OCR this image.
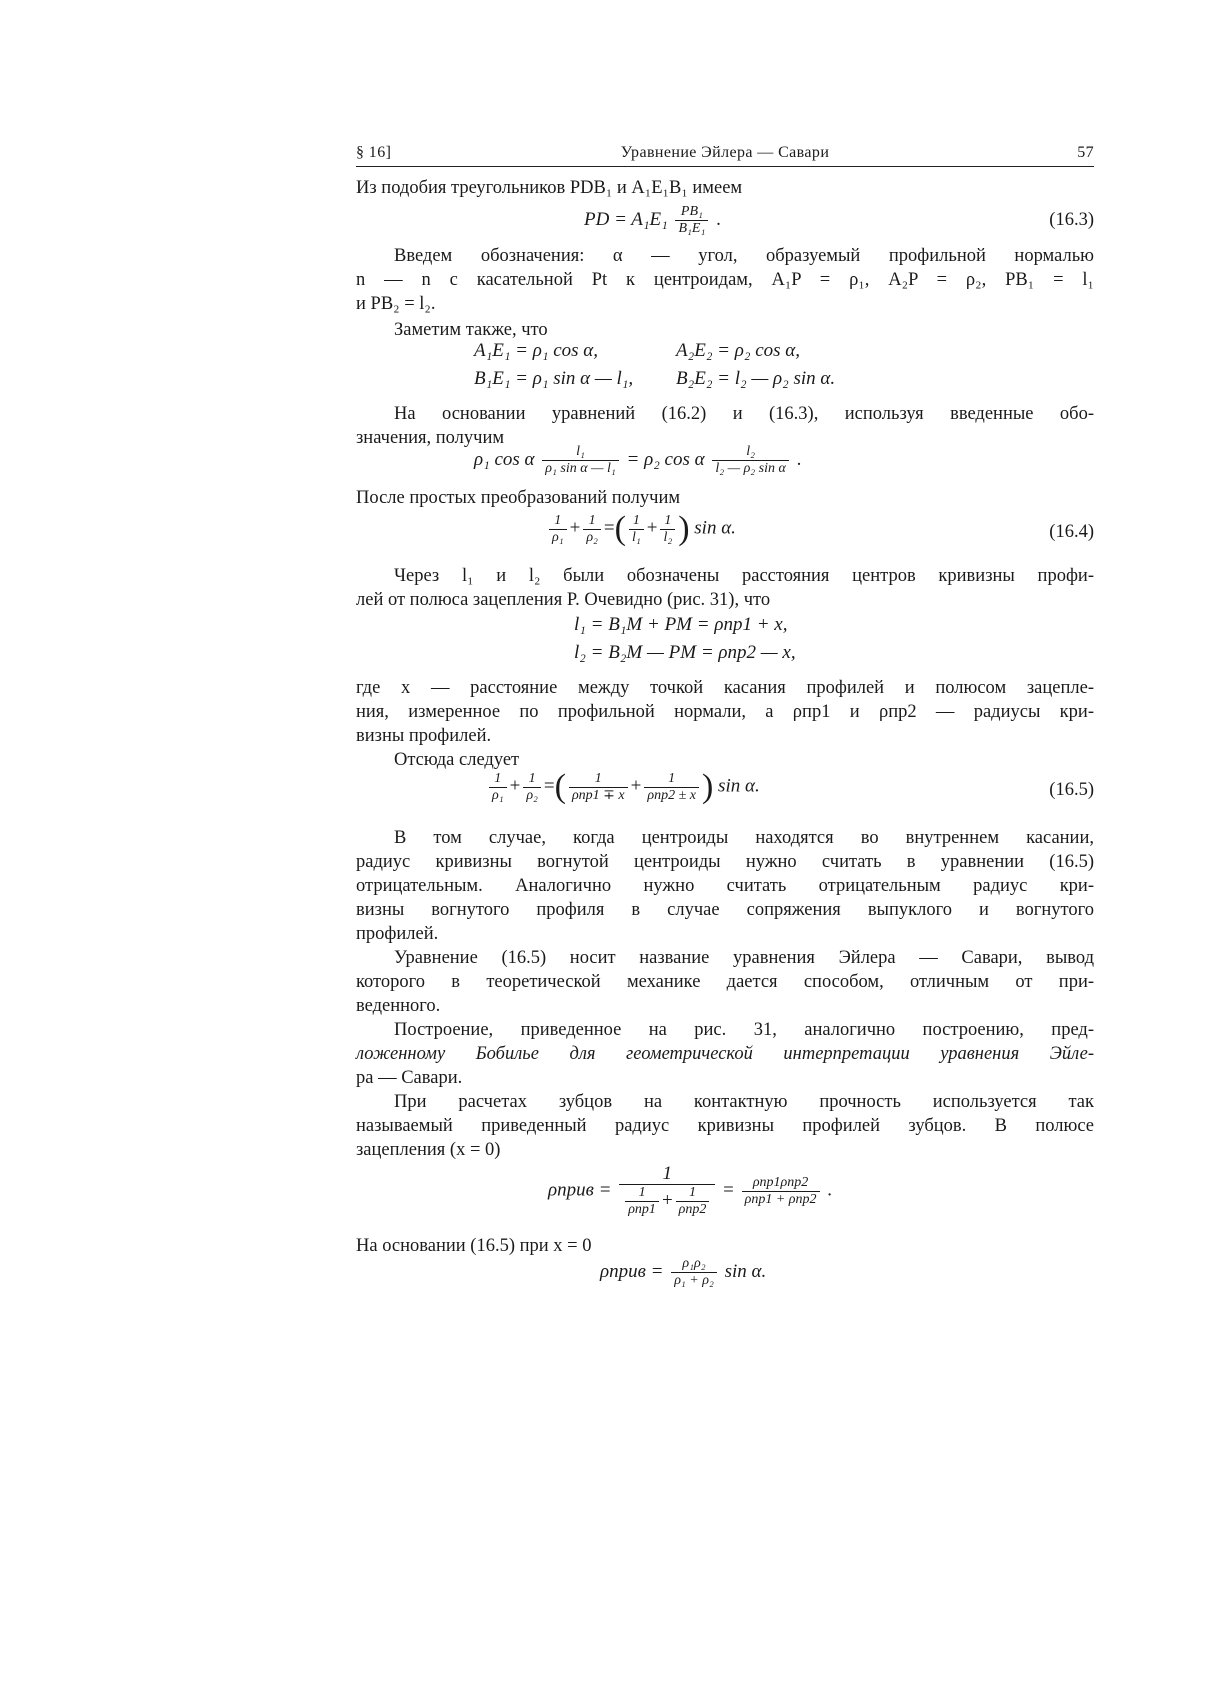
§ 16]	Уравнение Эйлера — Савари	57
Из подобия треугольников PDB₁ и A₁E₁B₁ имеем
PD = $A_1E_1 \frac{\text{PB₁}}{\text{B₁E₁}}$ .	(16.3)
Введем обозначения: α — угол, образуемый профильной нормалью
n — n с касательной Pt к центроидам, A₁P = ρ₁, A₂P = ρ₂, PB₁ = l₁
и PB₂ = l₂.
Заметим также, что
A₁E₁ = ρ₁ cos α,	A₂E₂ = ρ₂ cos α,
B₁E₁ = ρ₁ sin α — l₁, B₂E₂ = l₂ — ρ₂ sin α.
На основании уравнений (16.2) и (16.3), используя введенные обо-
значения, получим
ρ₁ cos α $\frac{\text{l₁}}{\text{ρ₁ sin α — l₁}} = \rho_2$ cos α $\frac{\text{l₂}}{\text{l₂ — ρ₂ sin α}}$ .
После простых преобразований получим
$\frac{1}{\text{ρ₁}} + \frac{1}{\text{ρ₂}}$ =( $\frac{1}{\text{l₁}} + \frac{1}{\text{l₂}}$ ) sin α.	(16.4)
Через l₁ и l₂ были обозначены расстояния центров кривизны профи-
лей от полюса зацепления P. Очевидно (рис. 31), что
l₁ = B₁M + PM = ρпр1 + x,
l₂ = B₂M — PM = ρпр2 — x,
где x — расстояние между точкой касания профилей и полюсом зацепле-
ния, измеренное по профильной нормали, а ρпр1 и ρпр2 — радиусы кри-
визны профилей.
Отсюда следует
$\frac{1}{\text{ρ₁}} + \frac{1}{\text{ρ₂}}$ =( $\frac{1}{\text{ρпр1 ∓ x}} + \frac{1}{\text{ρпр2 ± x}}$ ) sin α.	(16.5)
В том случае, когда центроиды находятся во внутреннем касании,
радиус кривизны вогнутой центроиды нужно считать в уравнении (16.5)
отрицательным. Аналогично нужно считать отрицательным радиус кри-
визны вогнутого профиля в случае сопряжения выпуклого и вогнутого
профилей.
Уравнение (16.5) носит название уравнения Эйлера — Савари, вывод
которого в теоретической механике дается способом, отличным от при-
веденного.
Построение, приведенное на рис. 31, аналогично построению, пред-
ложенному Бобилье для геометрической интерпретации уравнения Эйле-
ра — Савари.
При расчетах зубцов на контактную прочность используется так
называемый приведенный радиус кривизны профилей зубцов. В полюсе
зацепления (x = 0)
ρприв = $\frac{1}{\frac{1}{\text{ρпр1}} + \frac{1}{\text{ρпр2}}} = \frac{\text{ρпр1ρпр2}}{\text{ρпр1 + ρпр2}}$ .
На основании (16.5) при x = 0
ρприв = $\frac{\text{ρ₁ρ₂}}{\text{ρ₁ + ρ₂}}$ sin α.
